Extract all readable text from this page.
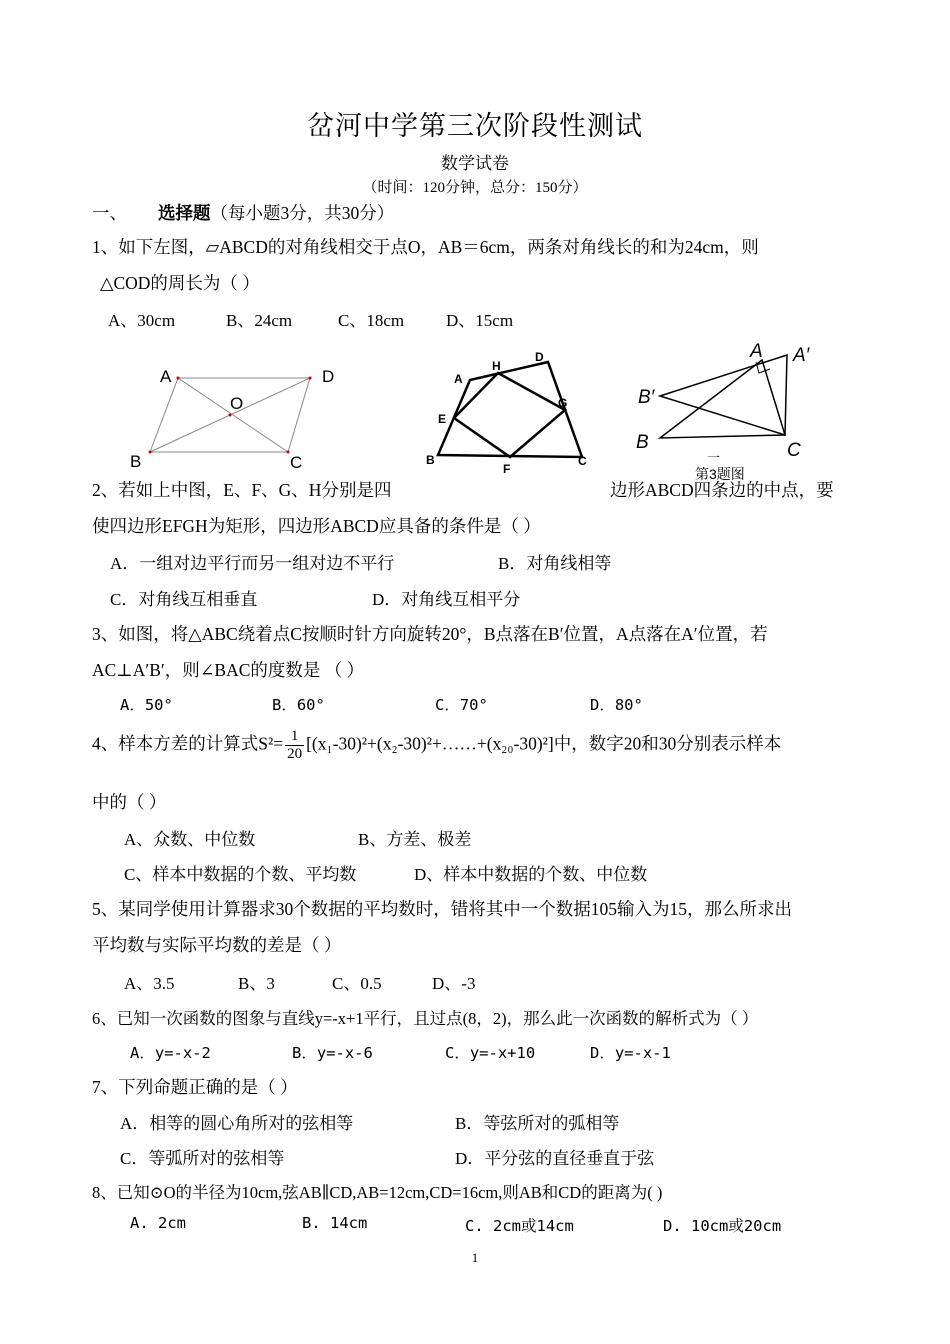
岔河中学第三次阶段性测试
数学试卷
（时间：120分钟，总分：150分）
一、 选择题（每小题3分，共30分）
1、如下左图，▱ABCD的对角线相交于点O，AB＝6cm，两条对角线长的和为24cm，则
△COD的周长为（ ）
A、30cm	B、24cm	C、18cm D、15cm
A	D
O
B	C
A
H
D
E
G
B
F
C
A A′
B′
B	C
一
第3题图
2、若如上中图，E、F、G、H分别是四	边形ABCD四条边的中点，要
使四边形EFGH为矩形，四边形ABCD应具备的条件是（ ）
A．一组对边平行而另一组对边不平行	B．对角线相等
C．对角线互相垂直	D．对角线互相平分
3、如图，将△ABC绕着点C按顺时针方向旋转20°，B点落在B′位置，A点落在A′位置，若
AC⊥A′B′，则∠BAC的度数是 （ ）
A．50°	B．60°	C．70°	D．80°
4、样本方差的计算式$S^2= \frac{1}{20}$ [(x₁-30)²+(x₂-30)²+……+(x₂₀-30)²]中，数字20和30分别表示样本
中的（ ）
A、众数、中位数	B、方差、极差
C、样本中数据的个数、平均数	D、样本中数据的个数、中位数
5、某同学使用计算器求30个数据的平均数时，错将其中一个数据105输入为15，那么所求出
平均数与实际平均数的差是（ ）
A、3.5	B、3	C、0.5	D、-3
6、已知一次函数的图象与直线y=-x+1平行，且过点(8，2)，那么此一次函数的解析式为（ ）
A．y=-x-2	B．y=-x-6	C．y=-x+10	D．y=-x-1
7、下列命题正确的是（ ）
A．相等的圆心角所对的弦相等	B．等弦所对的弧相等
C．等弧所对的弦相等	D．平分弦的直径垂直于弦
8、已知⊙O的半径为10cm,弦AB∥CD,AB=12cm,CD=16cm,则AB和CD的距离为( )
A. 2cm	B. 14cm	C. 2cm或14cm	D. 10cm或20cm
1
